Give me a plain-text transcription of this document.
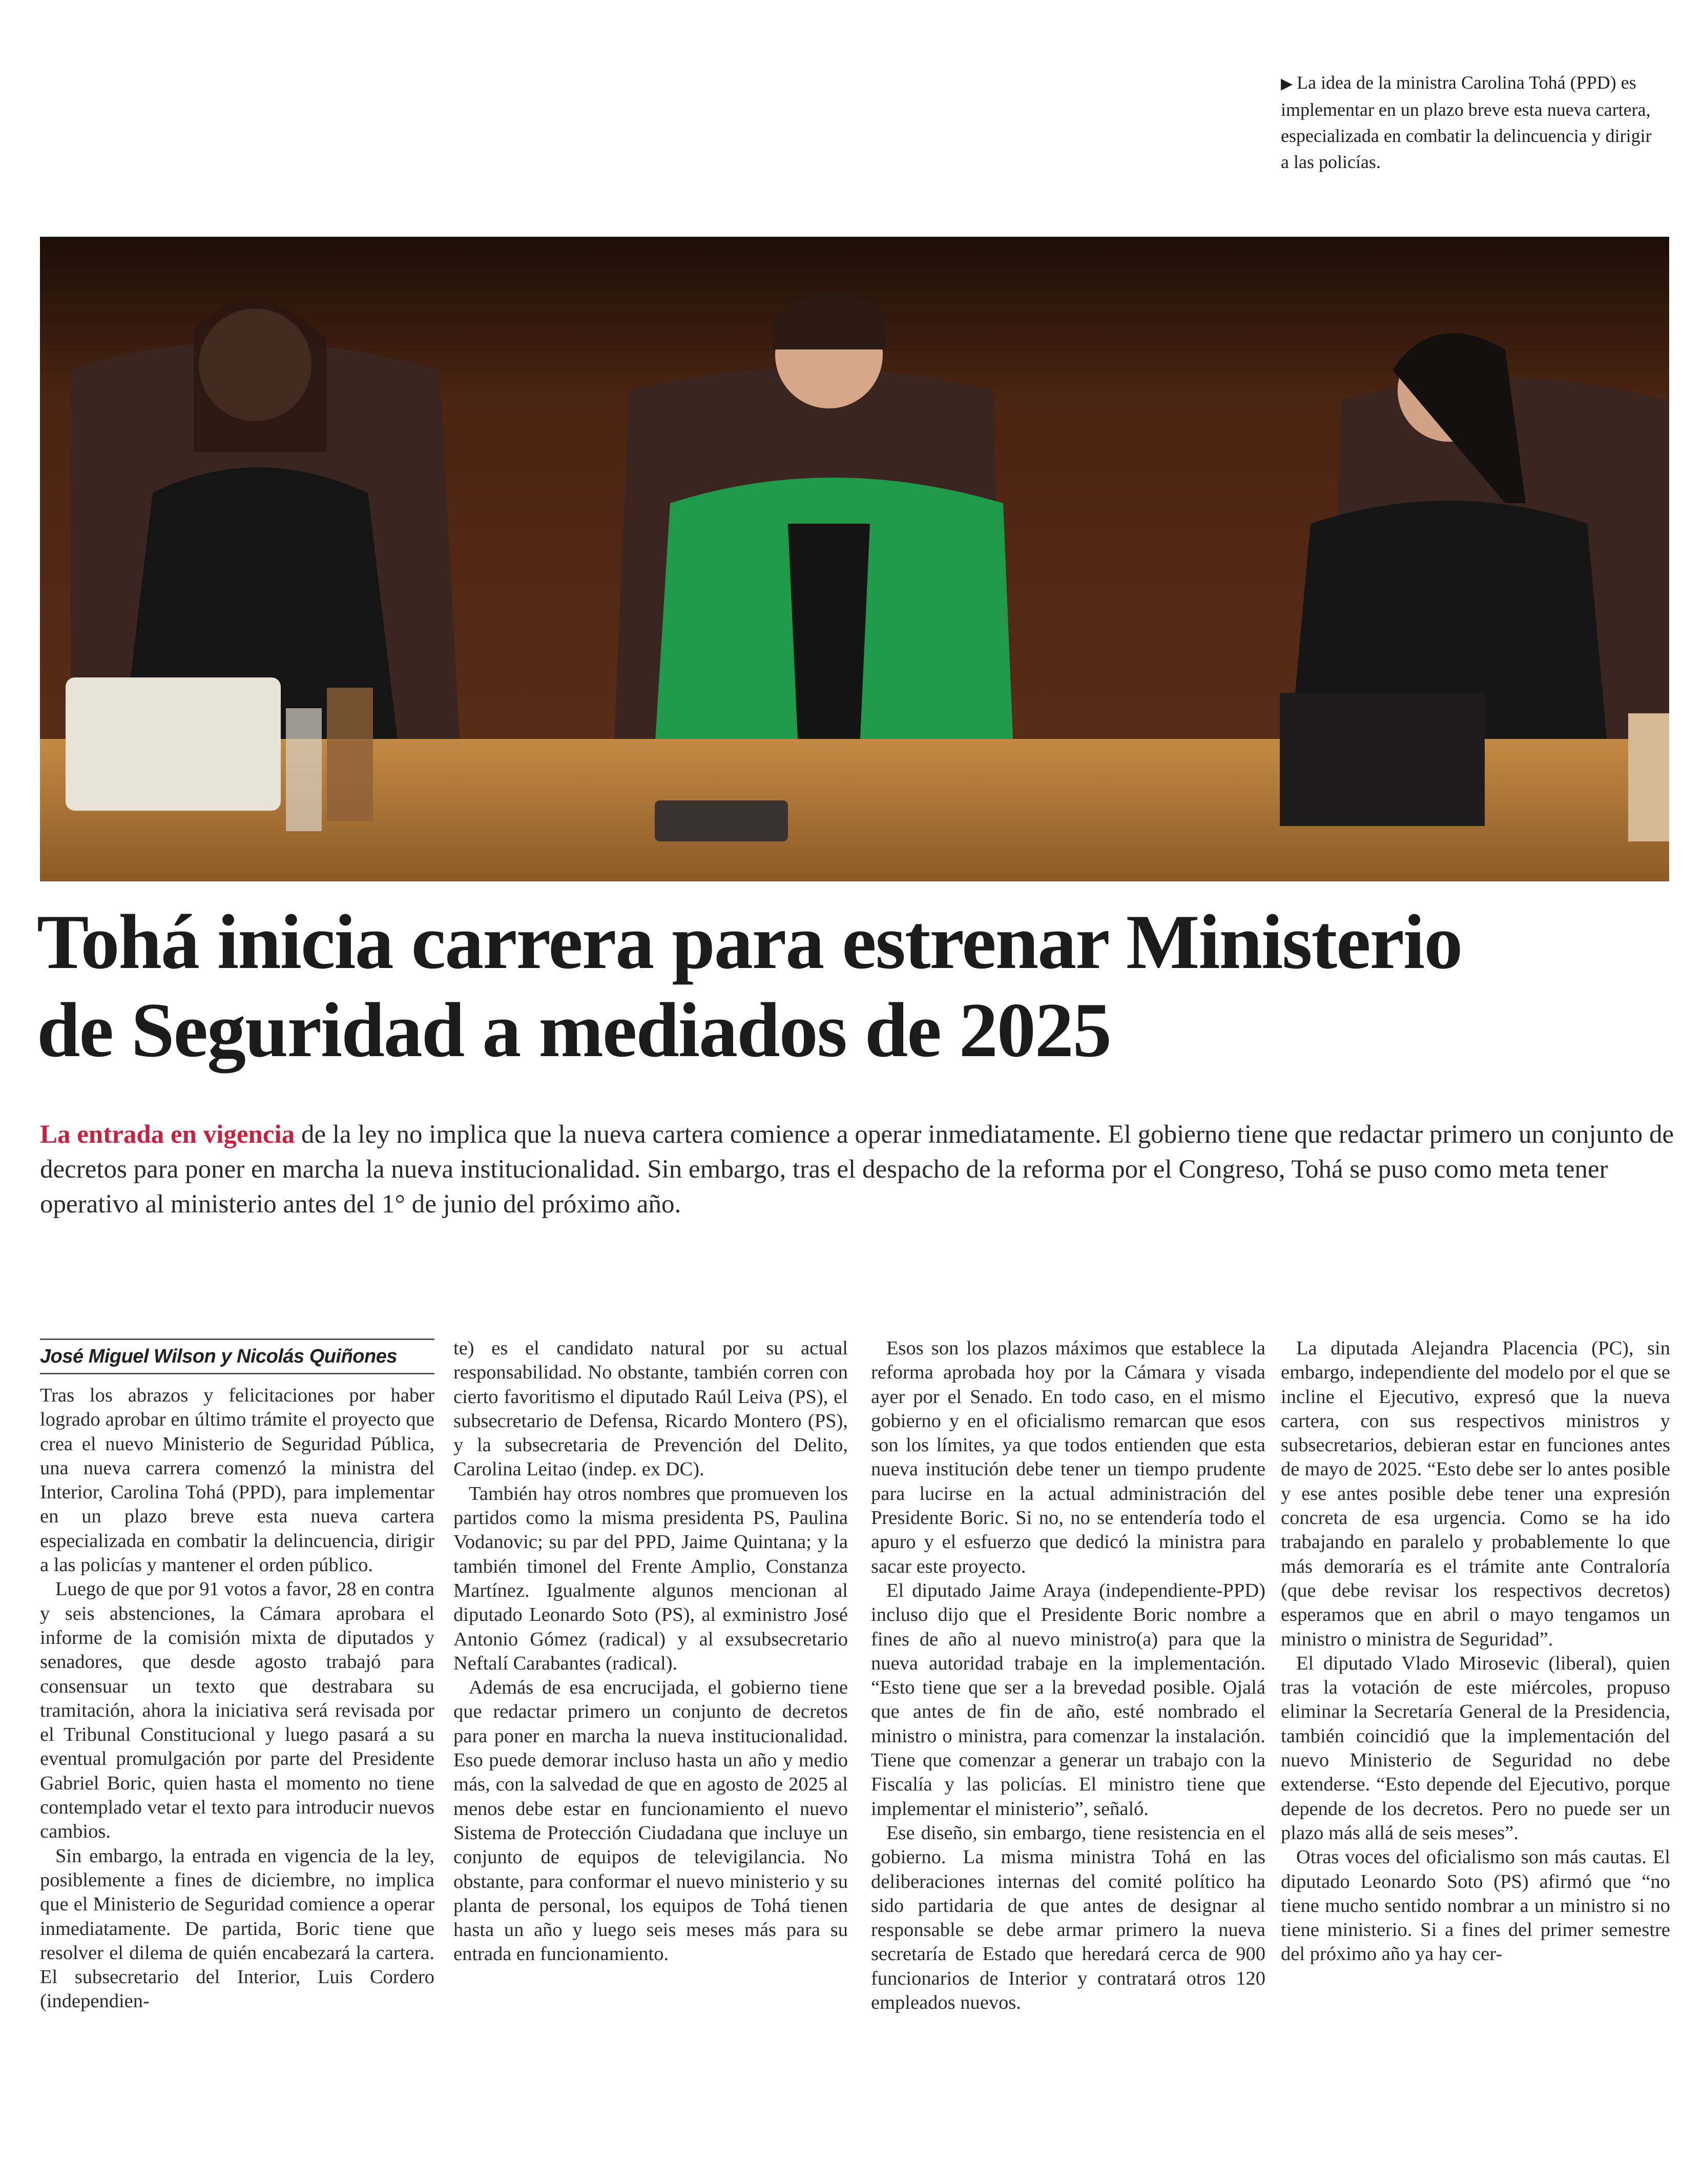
▶ La idea de la ministra Carolina Tohá (PPD) es implementar en un plazo breve esta nueva cartera, especializada en combatir la delincuencia y dirigir a las policías.
Tohá inicia carrera para estrenar Ministerio
de Seguridad a mediados de 2025

La entrada en vigencia de la ley no implica que la nueva cartera comience a operar inmediatamente. El gobierno tiene que redactar primero un conjunto de decretos para poner en marcha la nueva institucionalidad. Sin embargo, tras el despacho de la reforma por el Congreso, Tohá se puso como meta tener operativo al ministerio antes del 1° de junio del próximo año.

José Miguel Wilson y Nicolás Quiñones

Tras los abrazos y felicitaciones por haber logrado aprobar en último trámite el proyecto que crea el nuevo Ministerio de Seguridad Pública, una nueva carrera comenzó la ministra del Interior, Carolina Tohá (PPD), para implementar en un plazo breve esta nueva cartera especializada en combatir la delincuencia, dirigir a las policías y mantener el orden público.

Luego de que por 91 votos a favor, 28 en contra y seis abstenciones, la Cámara aprobara el informe de la comisión mixta de diputados y senadores, que desde agosto trabajó para consensuar un texto que destrabara su tramitación, ahora la iniciativa será revisada por el Tribunal Constitucional y luego pasará a su eventual promulgación por parte del Presidente Gabriel Boric, quien hasta el momento no tiene contemplado vetar el texto para introducir nuevos cambios.

Sin embargo, la entrada en vigencia de la ley, posiblemente a fines de diciembre, no implica que el Ministerio de Seguridad comience a operar inmediatamente. De partida, Boric tiene que resolver el dilema de quién encabezará la cartera. El subsecretario del Interior, Luis Cordero (independien-

te) es el candidato natural por su actual responsabilidad. No obstante, también corren con cierto favoritismo el diputado Raúl Leiva (PS), el subsecretario de Defensa, Ricardo Montero (PS), y la subsecretaria de Prevención del Delito, Carolina Leitao (indep. ex DC).

También hay otros nombres que promueven los partidos como la misma presidenta PS, Paulina Vodanovic; su par del PPD, Jaime Quintana; y la también timonel del Frente Amplio, Constanza Martínez. Igualmente algunos mencionan al diputado Leonardo Soto (PS), al exministro José Antonio Gómez (radical) y al exsubsecretario Neftalí Carabantes (radical).

Además de esa encrucijada, el gobierno tiene que redactar primero un conjunto de decretos para poner en marcha la nueva institucionalidad. Eso puede demorar incluso hasta un año y medio más, con la salvedad de que en agosto de 2025 al menos debe estar en funcionamiento el nuevo Sistema de Protección Ciudadana que incluye un conjunto de equipos de televigilancia. No obstante, para conformar el nuevo ministerio y su planta de personal, los equipos de Tohá tienen hasta un año y luego seis meses más para su entrada en funcionamiento.

Esos son los plazos máximos que establece la reforma aprobada hoy por la Cámara y visada ayer por el Senado. En todo caso, en el mismo gobierno y en el oficialismo remarcan que esos son los límites, ya que todos entienden que esta nueva institución debe tener un tiempo prudente para lucirse en la actual administración del Presidente Boric. Si no, no se entendería todo el apuro y el esfuerzo que dedicó la ministra para sacar este proyecto.

El diputado Jaime Araya (independiente-PPD) incluso dijo que el Presidente Boric nombre a fines de año al nuevo ministro(a) para que la nueva autoridad trabaje en la implementación. “Esto tiene que ser a la brevedad posible. Ojalá que antes de fin de año, esté nombrado el ministro o ministra, para comenzar la instalación. Tiene que comenzar a generar un trabajo con la Fiscalía y las policías. El ministro tiene que implementar el ministerio”, señaló.

Ese diseño, sin embargo, tiene resistencia en el gobierno. La misma ministra Tohá en las deliberaciones internas del comité político ha sido partidaria de que antes de designar al responsable se debe armar primero la nueva secretaría de Estado que heredará cerca de 900 funcionarios de Interior y contratará otros 120 empleados nuevos.

La diputada Alejandra Placencia (PC), sin embargo, independiente del modelo por el que se incline el Ejecutivo, expresó que la nueva cartera, con sus respectivos ministros y subsecretarios, debieran estar en funciones antes de mayo de 2025. “Esto debe ser lo antes posible y ese antes posible debe tener una expresión concreta de esa urgencia. Como se ha ido trabajando en paralelo y probablemente lo que más demoraría es el trámite ante Contraloría (que debe revisar los respectivos decretos) esperamos que en abril o mayo tengamos un ministro o ministra de Seguridad”.

El diputado Vlado Mirosevic (liberal), quien tras la votación de este miércoles, propuso eliminar la Secretaría General de la Presidencia, también coincidió que la implementación del nuevo Ministerio de Seguridad no debe extenderse. “Esto depende del Ejecutivo, porque depende de los decretos. Pero no puede ser un plazo más allá de seis meses”.

Otras voces del oficialismo son más cautas. El diputado Leonardo Soto (PS) afirmó que “no tiene mucho sentido nombrar a un ministro si no tiene ministerio. Si a fines del primer semestre del próximo año ya hay cer-
